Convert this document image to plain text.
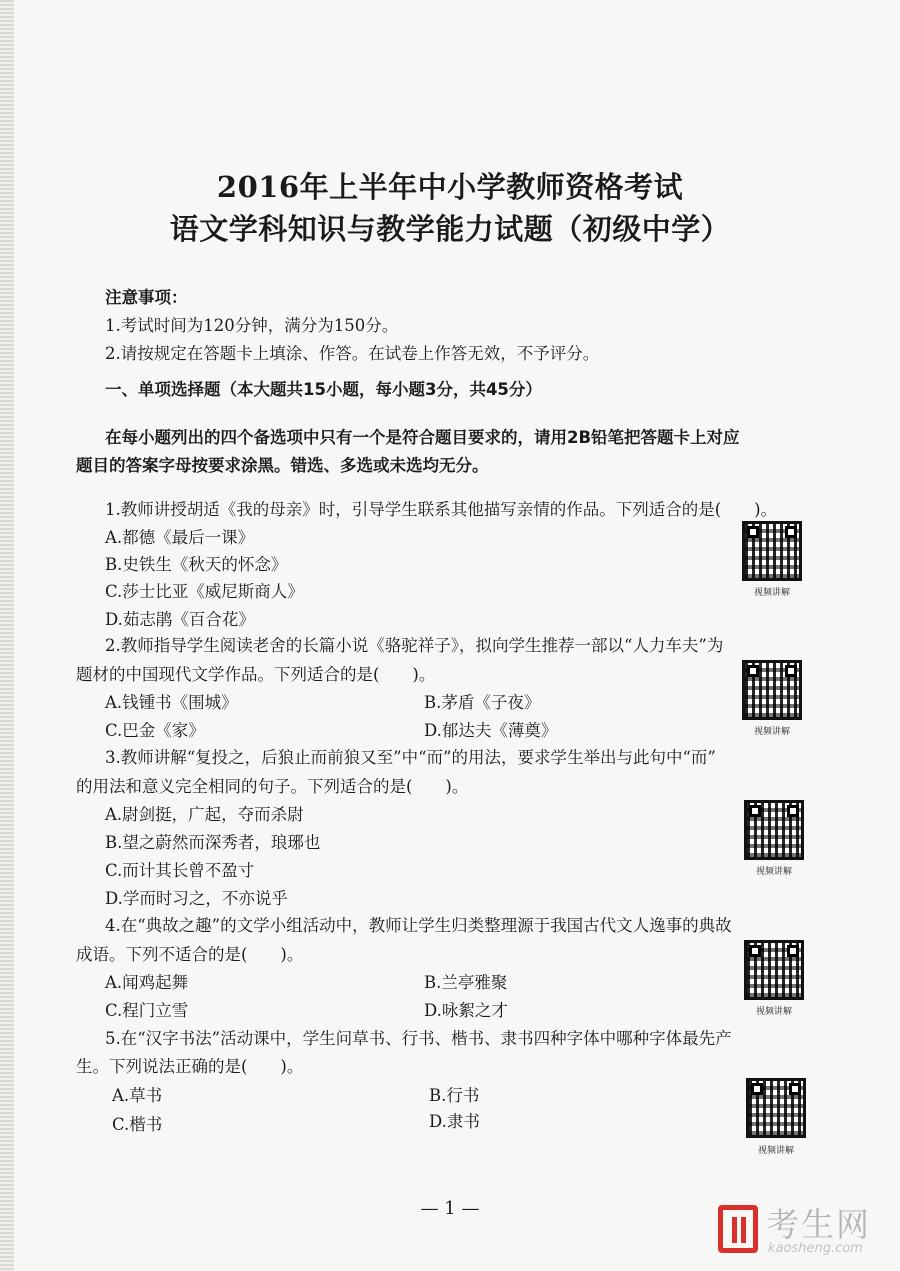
2016年上半年中小学教师资格考试
语文学科知识与教学能力试题（初级中学）
注意事项：
1.考试时间为120分钟，满分为150分。
2.请按规定在答题卡上填涂、作答。在试卷上作答无效，不予评分。
一、单项选择题（本大题共15小题，每小题3分，共45分）
在每小题列出的四个备选项中只有一个是符合题目要求的，请用2B铅笔把答题卡上对应
题目的答案字母按要求涂黑。错选、多选或未选均无分。
1.教师讲授胡适《我的母亲》时，引导学生联系其他描写亲情的作品。下列适合的是(　　)。
A.都德《最后一课》
B.史铁生《秋天的怀念》
C.莎士比亚《威尼斯商人》
D.茹志鹃《百合花》
视频讲解
2.教师指导学生阅读老舍的长篇小说《骆驼祥子》，拟向学生推荐一部以“人力车夫”为
题材的中国现代文学作品。下列适合的是(　　)。
A.钱锺书《围城》	B.茅盾《子夜》
C.巴金《家》	D.郁达夫《薄奠》	视频讲解
3.教师讲解“复投之，后狼止而前狼又至”中“而”的用法，要求学生举出与此句中“而”
的用法和意义完全相同的句子。下列适合的是(　　)。
A.尉剑挺，广起，夺而杀尉
B.望之蔚然而深秀者，琅琊也
C.而计其长曾不盈寸
D.学而时习之，不亦说乎
视频讲解
4.在“典故之趣”的文学小组活动中，教师让学生归类整理源于我国古代文人逸事的典故
成语。下列不适合的是(　　)。
A.闻鸡起舞	B.兰亭雅聚
C.程门立雪	D.咏絮之才	视频讲解
5.在“汉字书法”活动课中，学生问草书、行书、楷书、隶书四种字体中哪种字体最先产
生。下列说法正确的是(　　)。
A.草书	B.行书
C.楷书	D.隶书
视频讲解
— 1 —	考生网
kaosheng.com
